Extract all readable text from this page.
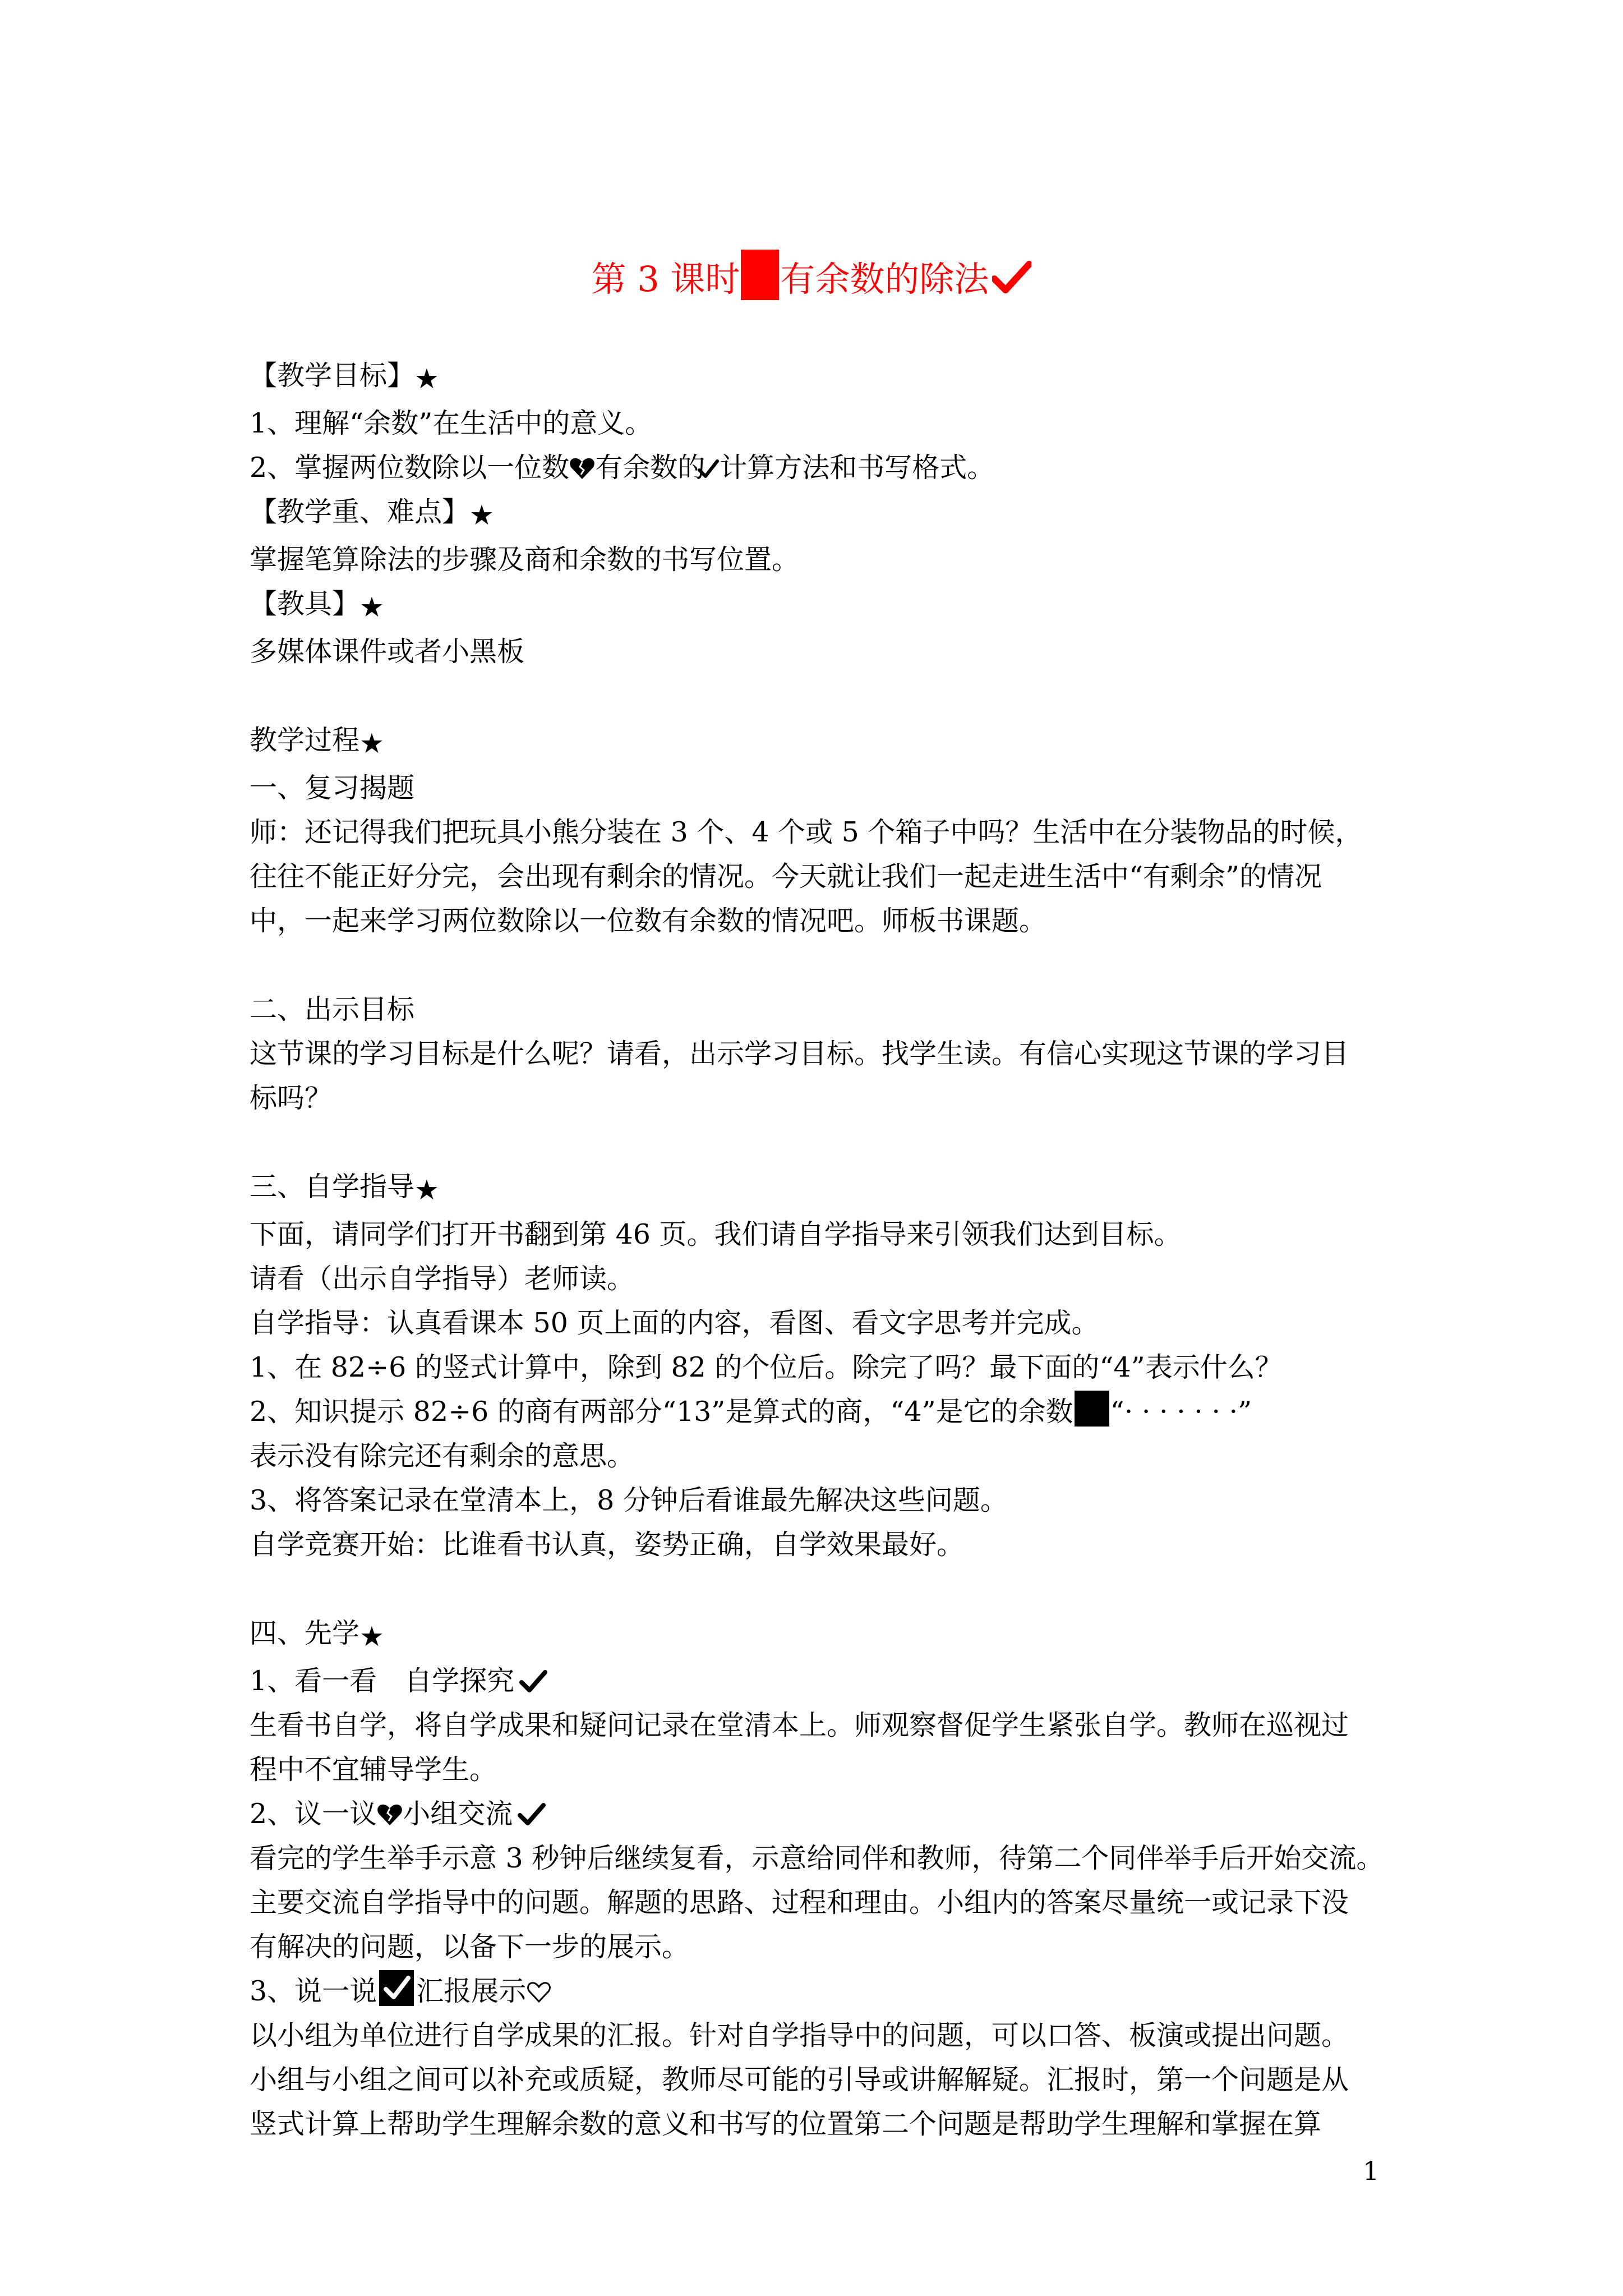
第 3 课时 有余数的除法
【教学目标】★
1、理解“余数”在生活中的意义。
2、掌握两位数除以一位数 有余数的 计算方法和书写格式。
【教学重、难点】★
掌握笔算除法的步骤及商和余数的书写位置。
【教具】★
多媒体课件或者小黑板
教学过程★
一、复习揭题
师：还记得我们把玩具小熊分装在 3 个、4 个或 5 个箱子中吗？生活中在分装物品的时候，
往往不能正好分完，会出现有剩余的情况。今天就让我们一起走进生活中“有剩余”的情况
中，一起来学习两位数除以一位数有余数的情况吧。师板书课题。
二、出示目标
这节课的学习目标是什么呢？请看，出示学习目标。找学生读。有信心实现这节课的学习目
标吗？
三、自学指导★
下面，请同学们打开书翻到第 46 页。我们请自学指导来引领我们达到目标。
请看（出示自学指导）老师读。
自学指导：认真看课本 50 页上面的内容，看图、看文字思考并完成。
1、在 82÷6 的竖式计算中，除到 82 的个位后。除完了吗？最下面的“4”表示什么？
2、知识提示 82÷6 的商有两部分“13”是算式的商，“4”是它的余数 “· · · · · · ·”
表示没有除完还有剩余的意思。
3、将答案记录在堂清本上，8 分钟后看谁最先解决这些问题。
自学竞赛开始：比谁看书认真，姿势正确，自学效果最好。
四、先学★
1、看一看　自学探究
生看书自学，将自学成果和疑问记录在堂清本上。师观察督促学生紧张自学。教师在巡视过
程中不宜辅导学生。
2、议一议 小组交流
看完的学生举手示意 3 秒钟后继续复看，示意给同伴和教师，待第二个同伴举手后开始交流。
主要交流自学指导中的问题。解题的思路、过程和理由。小组内的答案尽量统一或记录下没
有解决的问题，以备下一步的展示。
3、说一说 汇报展示
以小组为单位进行自学成果的汇报。针对自学指导中的问题，可以口答、板演或提出问题。
小组与小组之间可以补充或质疑，教师尽可能的引导或讲解解疑。汇报时，第一个问题是从
竖式计算上帮助学生理解余数的意义和书写的位置第二个问题是帮助学生理解和掌握在算
1
